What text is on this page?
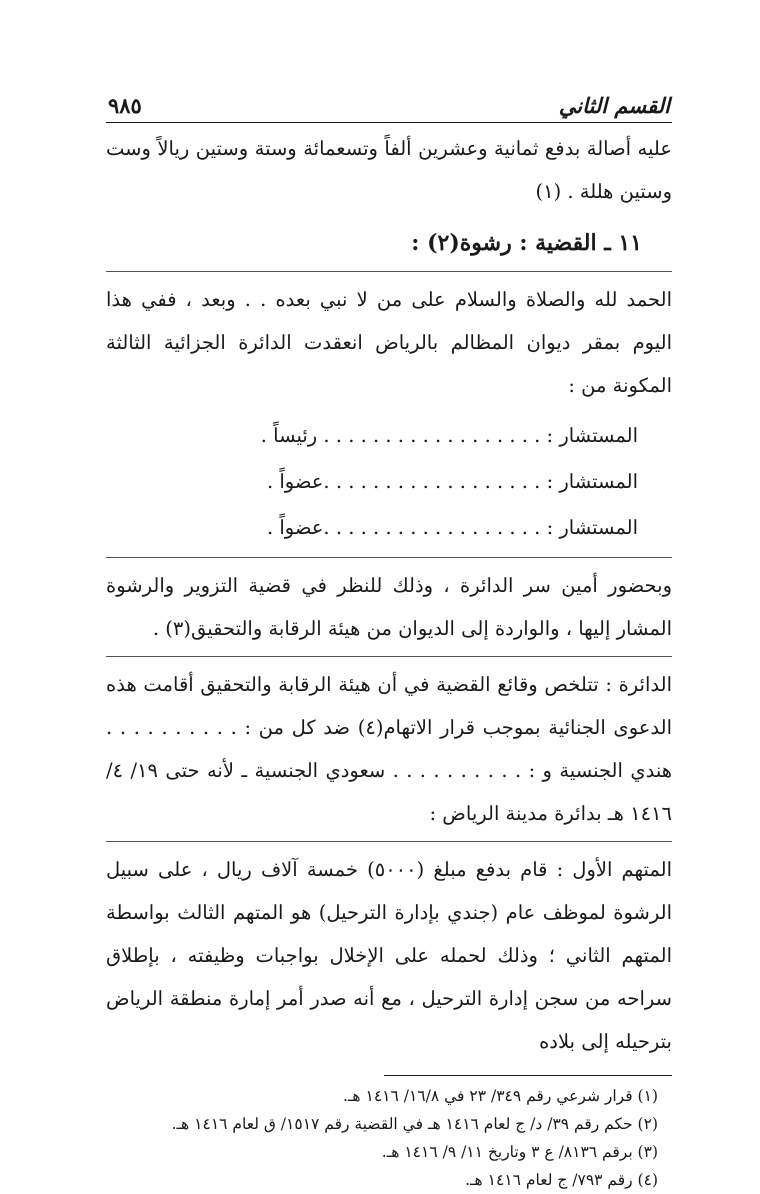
القسم الثاني
٩٨٥

عليه أصالة بدفع ثمانية وعشرين ألفاً وتسعمائة وستة وستين ريالاً وست وستين هللة . (١)

١١ ـ القضية : رشوة(٢) :

الحمد لله والصلاة والسلام على من لا نبي بعده . . وبعد ، ففي هذا اليوم بمقر ديوان المظالم بالرياض انعقدت الدائرة الجزائية الثالثة المكونة من :

المستشار : . . . . . . . . . . . . . . . . . . رئيساً .
المستشار : . . . . . . . . . . . . . . . . . .عضواً .
المستشار : . . . . . . . . . . . . . . . . . .عضواً .

وبحضور أمين سر الدائرة ، وذلك للنظر في قضية التزوير والرشوة المشار إليها ، والواردة إلى الديوان من هيئة الرقابة والتحقيق(٣) .

الدائرة : تتلخص وقائع القضية في أن هيئة الرقابة والتحقيق أقامت هذه الدعوى الجنائية بموجب قرار الاتهام(٤) ضد كل من : . . . . . . . . . . هندي الجنسية و : . . . . . . . . . . سعودي الجنسية ـ لأنه حتى ١٩/ ٤/ ١٤١٦ هـ بدائرة مدينة الرياض :

المتهم الأول : قام بدفع مبلغ (٥٠٠٠) خمسة آلاف ريال ، على سبيل الرشوة لموظف عام (جندي بإدارة الترحيل) هو المتهم الثالث بواسطة المتهم الثاني ؛ وذلك لحمله على الإخلال بواجبات وظيفته ، بإطلاق سراحه من سجن إدارة الترحيل ، مع أنه صدر أمر إمارة منطقة الرياض بترحيله إلى بلاده

(١) قرار شرعي رقم ٣٤٩/ ٢٣ في ١٦/٨/ ١٤١٦ هـ.
(٢) حكم رقم ٣٩/ د/ ج لعام ١٤١٦ هـ في القضية رقم ١٥١٧/ ق لعام ١٤١٦ هـ.
(٣) برقم ٨١٣٦/ ع ٣ وتاريخ ١١/ ٩/ ١٤١٦ هـ.
(٤) رقم ٧٩٣/ ج لعام ١٤١٦ هـ.
